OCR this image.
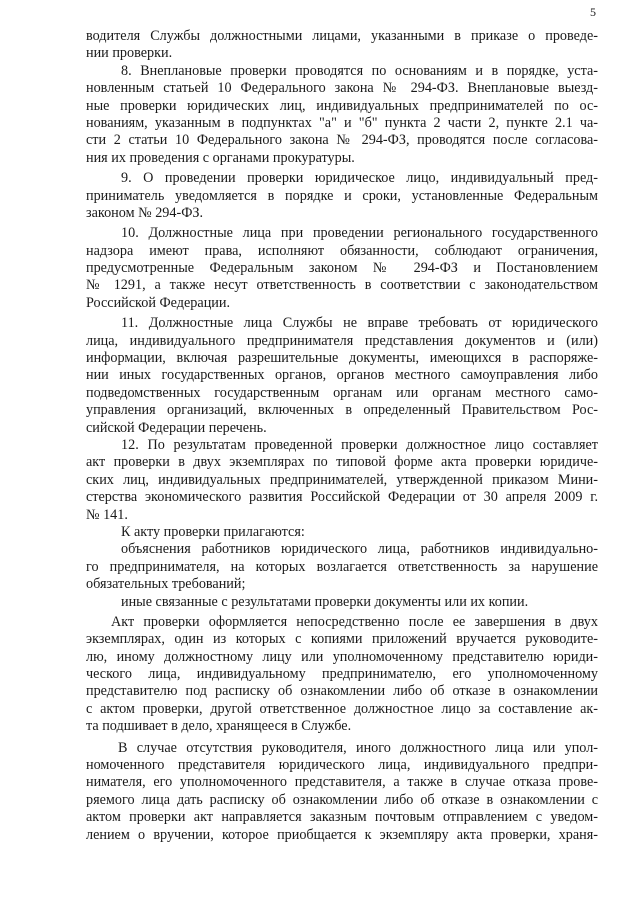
5
водителя Службы должностными лицами, указанными в приказе о проведе-
нии проверки.
8. Внеплановые проверки проводятся по основаниям и в порядке, уста-
новленным статьей 10 Федерального закона № 294-ФЗ. Внеплановые выезд-
ные проверки юридических лиц, индивидуальных предпринимателей по ос-
нованиям, указанным в подпунктах "а" и "б" пункта 2 части 2, пункте 2.1 ча-
сти 2 статьи 10 Федерального закона № 294-ФЗ, проводятся после согласова-
ния их проведения с органами прокуратуры.
9. О проведении проверки юридическое лицо, индивидуальный пред-
приниматель уведомляется в порядке и сроки, установленные Федеральным
законом № 294-ФЗ.
10. Должностные лица при проведении регионального государственного
надзора имеют права, исполняют обязанности, соблюдают ограничения,
предусмотренные Федеральным законом № 294-ФЗ и Постановлением
№ 1291, а также несут ответственность в соответствии с законодательством
Российской Федерации.
11. Должностные лица Службы не вправе требовать от юридического
лица, индивидуального предпринимателя представления документов и (или)
информации, включая разрешительные документы, имеющихся в распоряже-
нии иных государственных органов, органов местного самоуправления либо
подведомственных государственным органам или органам местного само-
управления организаций, включенных в определенный Правительством Рос-
сийской Федерации перечень.
12. По результатам проведенной проверки должностное лицо составляет
акт проверки в двух экземплярах по типовой форме акта проверки юридиче-
ских лиц, индивидуальных предпринимателей, утвержденной приказом Мини-
стерства экономического развития Российской Федерации от 30 апреля 2009 г.
№ 141.
К акту проверки прилагаются:
объяснения работников юридического лица, работников индивидуально-
го предпринимателя, на которых возлагается ответственность за нарушение
обязательных требований;
иные связанные с результатами проверки документы или их копии.
Акт проверки оформляется непосредственно после ее завершения в двух
экземплярах, один из которых с копиями приложений вручается руководите-
лю, иному должностному лицу или уполномоченному представителю юриди-
ческого лица, индивидуальному предпринимателю, его уполномоченному
представителю под расписку об ознакомлении либо об отказе в ознакомлении
с актом проверки, другой ответственное должностное лицо за составление ак-
та подшивает в дело, хранящееся в Службе.
В случае отсутствия руководителя, иного должностного лица или упол-
номоченного представителя юридического лица, индивидуального предпри-
нимателя, его уполномоченного представителя, а также в случае отказа прове-
ряемого лица дать расписку об ознакомлении либо об отказе в ознакомлении с
актом проверки акт направляется заказным почтовым отправлением с уведом-
лением о вручении, которое приобщается к экземпляру акта проверки, храня-
